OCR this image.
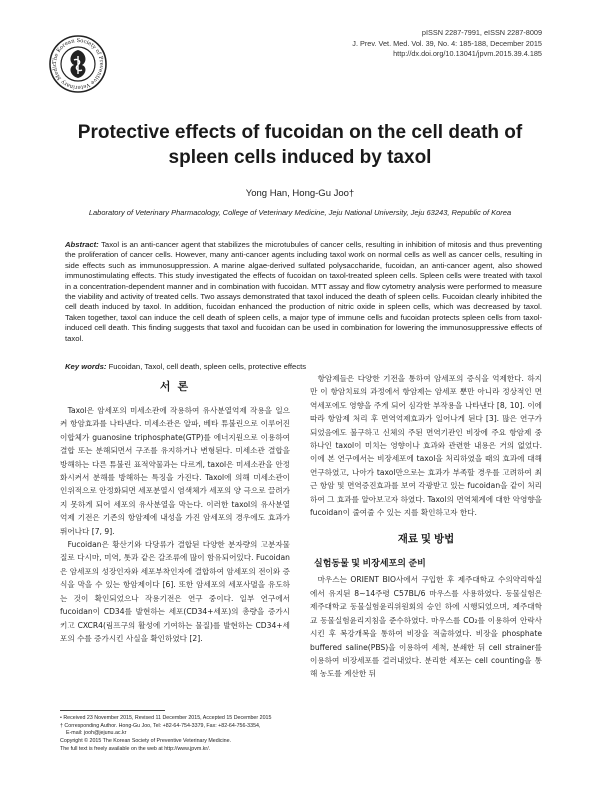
The Korean Society of Preventive Veterinary Medic
pISSN 2287-7991, eISSN 2287-8009
J. Prev. Vet. Med. Vol. 39, No. 4: 185-188, December 2015
http://dx.doi.org/10.13041/jpvm.2015.39.4.185
Protective effects of fucoidan on the cell death of
spleen cells induced by taxol
Yong Han, Hong-Gu Joo†
Laboratory of Veterinary Pharmacology, College of Veterinary Medicine, Jeju National University, Jeju 63243, Republic of Korea
Abstract: Taxol is an anti-cancer agent that stabilizes the microtubules of cancer cells, resulting in inhibition of mitosis and thus preventing the proliferation of cancer cells. However, many anti-cancer agents including taxol work on normal cells as well as cancer cells, resulting in side effects such as immunosuppression. A marine algae-derived sulfated polysaccharide, fucoidan, an anti-cancer agent, also showed immunostimulating effects. This study investigated the effects of fucoidan on taxol-treated spleen cells. Spleen cells were treated with taxol in a concentration-dependent manner and in combination with fucoidan. MTT assay and flow cytometry analysis were performed to measure the viability and activity of treated cells. Two assays demonstrated that taxol induced the death of spleen cells. Fucoidan clearly inhibited the cell death induced by taxol. In addition, fucoidan enhanced the production of nitric oxide in spleen cells, which was decreased by taxol. Taken together, taxol can induce the cell death of spleen cells, a major type of immune cells and fucoidan protects spleen cells from taxol-induced cell death. This finding suggests that taxol and fucoidan can be used in combination for lowering the immunosuppressive effects of taxol.
Key words: Fucoidan, Taxol, cell death, spleen cells, protective effects

서 론

Taxol은 암세포의 미세소관에 작용하여 유사분열억제 작용을 일으켜 항암효과를 나타낸다. 미세소관은 알파, 베타 튜불린으로 이루어진 이합체가 guanosine triphosphate(GTP)를 에너지원으로 이용하여 결합 또는 분해되면서 구조를 유지하거나 변형된다. 미세소관 결합을 방해하는 다른 튜불린 표적약물과는 다르게, taxol은 미세소관을 안정화시켜서 분해를 방해하는 특징을 가진다. Taxol에 의해 미세소관이 인위적으로 안정화되면 세포분열시 염색체가 세포의 양 극으로 끌려가지 못하게 되어 세포의 유사분열을 막는다. 이러한 taxol의 유사분열억제 기전은 기존의 항암제에 내성을 가진 암세포의 경우에도 효과가 뛰어나다 [7, 9].

Fucoidan은 황산기와 다당류가 결합된 다양한 분자량의 고분자물질로 다시마, 미역, 톳과 같은 갈조류에 많이 함유되어있다. Fucoidan은 암세포의 성장인자와 세포부착인자에 결합하여 암세포의 전이와 증식을 막을 수 있는 항암제이다 [6]. 또한 암세포의 세포사멸을 유도하는 것이 확인되었으나 작용기전은 연구 중이다. 일부 연구에서 fucoidan이 CD34를 발현하는 세포(CD34+세포)의 총량을 증가시키고 CXCR4(림프구의 활성에 기여하는 물질)를 발현하는 CD34+세포의 수를 증가시킨 사실을 확인하였다 [2].

항암제들은 다양한 기전을 통하여 암세포의 증식을 억제한다. 하지만 이 항암치료의 과정에서 항암제는 암세포 뿐만 아니라 정상적인 면역세포에도 영향을 주게 되어 심각한 부작용을 나타낸다 [8, 10]. 이에 따라 항암제 처리 후 면역억제효과가 일어나게 된다 [3]. 많은 연구가 되었음에도 불구하고 신체의 주된 면역기관인 비장에 주요 항암제 중 하나인 taxol이 미치는 영향이나 효과와 관련한 내용은 거의 없었다. 이에 본 연구에서는 비장세포에 taxol을 처리하였을 때의 효과에 대해 연구하였고, 나아가 taxol만으로는 효과가 부족할 경우를 고려하여 최근 항암 및 면역증진효과를 보여 각광받고 있는 fucoidan을 같이 처리하여 그 효과를 알아보고자 하였다. Taxol의 면역체계에 대한 악영향을 fucoidan이 줄여줄 수 있는 지를 확인하고자 한다.

재료 및 방법

실험동물 및 비장세포의 준비

마우스는 ORIENT BIO사에서 구입한 후 제주대학교 수의약리학실에서 유지된 8~14주령 C57BL/6 마우스를 사용하였다. 동물실험은 제주대학교 동물실험윤리위원회의 승인 하에 시행되었으며, 제주대학교 동물실험윤리지침을 준수하였다. 마우스를 CO₂를 이용하여 안락사 시킨 후 복강개복을 통하여 비장을 적출하였다. 비장을 phosphate buffered saline(PBS)을 이용하여 세척, 분쇄한 뒤 cell strainer를 이용하여 비장세포를 걸러내었다. 분리한 세포는 cell counting을 통해 농도를 계산한 뒤

• Received 23 November 2015, Revised 11 December 2015, Accepted 15 December 2015
† Corresponding Author. Hong-Gu Joo, Tel: +82-64-754-3379, Fax: +82-64-756-3354,
E-mail: jooh@jejunu.ac.kr
Copyright © 2015 The Korean Society of Preventive Veterinary Medicine.
The full text is freely available on the web at http://www.jpvm.kr/.
